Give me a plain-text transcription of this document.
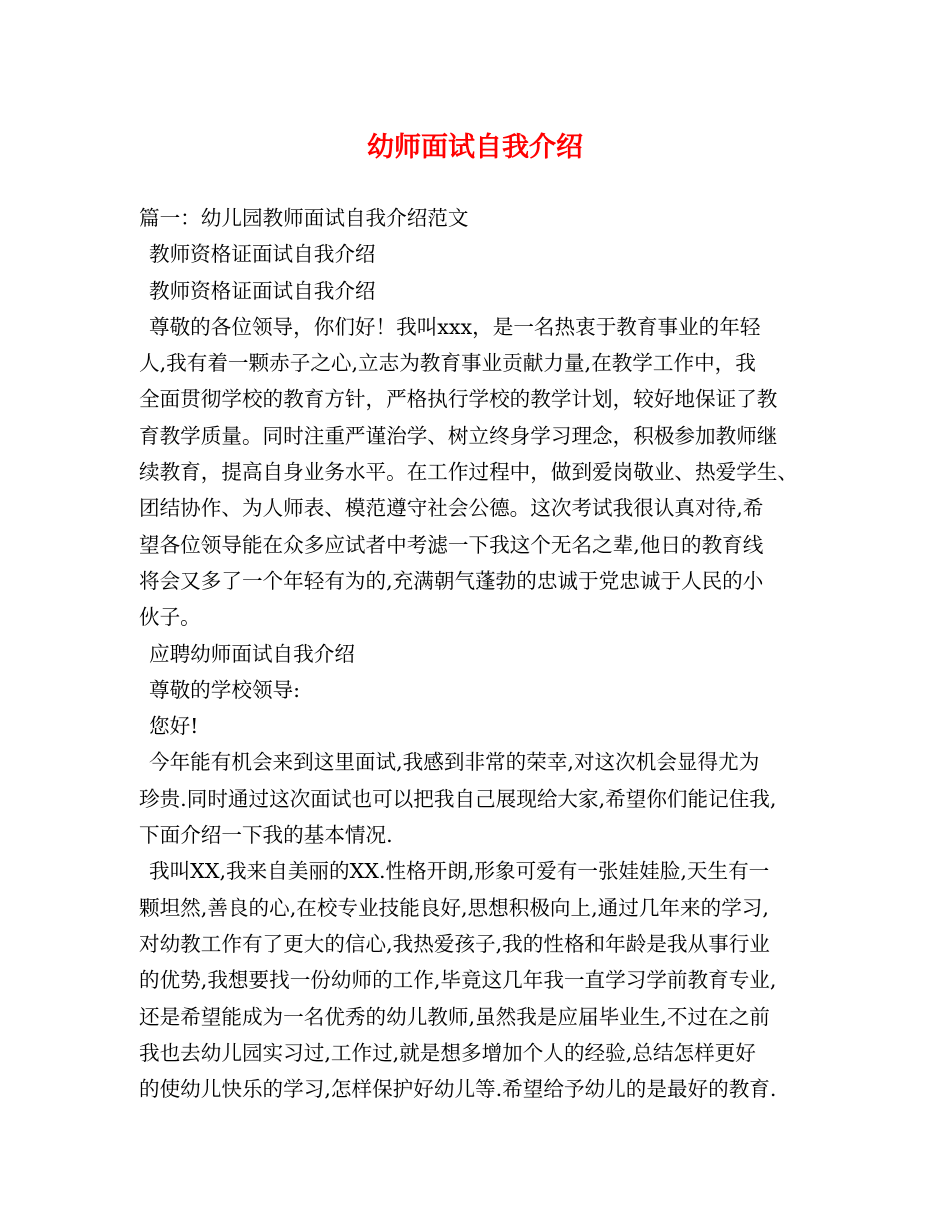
幼师面试自我介绍
篇一：幼儿园教师面试自我介绍范文
教师资格证面试自我介绍
教师资格证面试自我介绍
尊敬的各位领导，你们好！我叫xxx，是一名热衷于教育事业的年轻
人,我有着一颗赤子之心,立志为教育事业贡献力量,在教学工作中，我
全面贯彻学校的教育方针，严格执行学校的教学计划，较好地保证了教
育教学质量。同时注重严谨治学、树立终身学习理念，积极参加教师继
续教育，提高自身业务水平。在工作过程中，做到爱岗敬业、热爱学生、
团结协作、为人师表、模范遵守社会公德。这次考试我很认真对待,希
望各位领导能在众多应试者中考滤一下我这个无名之辈,他日的教育线
将会又多了一个年轻有为的,充满朝气蓬勃的忠诚于党忠诚于人民的小
伙子。
应聘幼师面试自我介绍
尊敬的学校领导:
您好!
今年能有机会来到这里面试,我感到非常的荣幸,对这次机会显得尤为
珍贵.同时通过这次面试也可以把我自己展现给大家,希望你们能记住我,
下面介绍一下我的基本情况.
我叫XX,我来自美丽的XX.性格开朗,形象可爱有一张娃娃脸,天生有一
颗坦然,善良的心,在校专业技能良好,思想积极向上,通过几年来的学习,
对幼教工作有了更大的信心,我热爱孩子,我的性格和年龄是我从事行业
的优势,我想要找一份幼师的工作,毕竟这几年我一直学习学前教育专业,
还是希望能成为一名优秀的幼儿教师,虽然我是应届毕业生,不过在之前
我也去幼儿园实习过,工作过,就是想多增加个人的经验,总结怎样更好
的使幼儿快乐的学习,怎样保护好幼儿等.希望给予幼儿的是最好的教育.
